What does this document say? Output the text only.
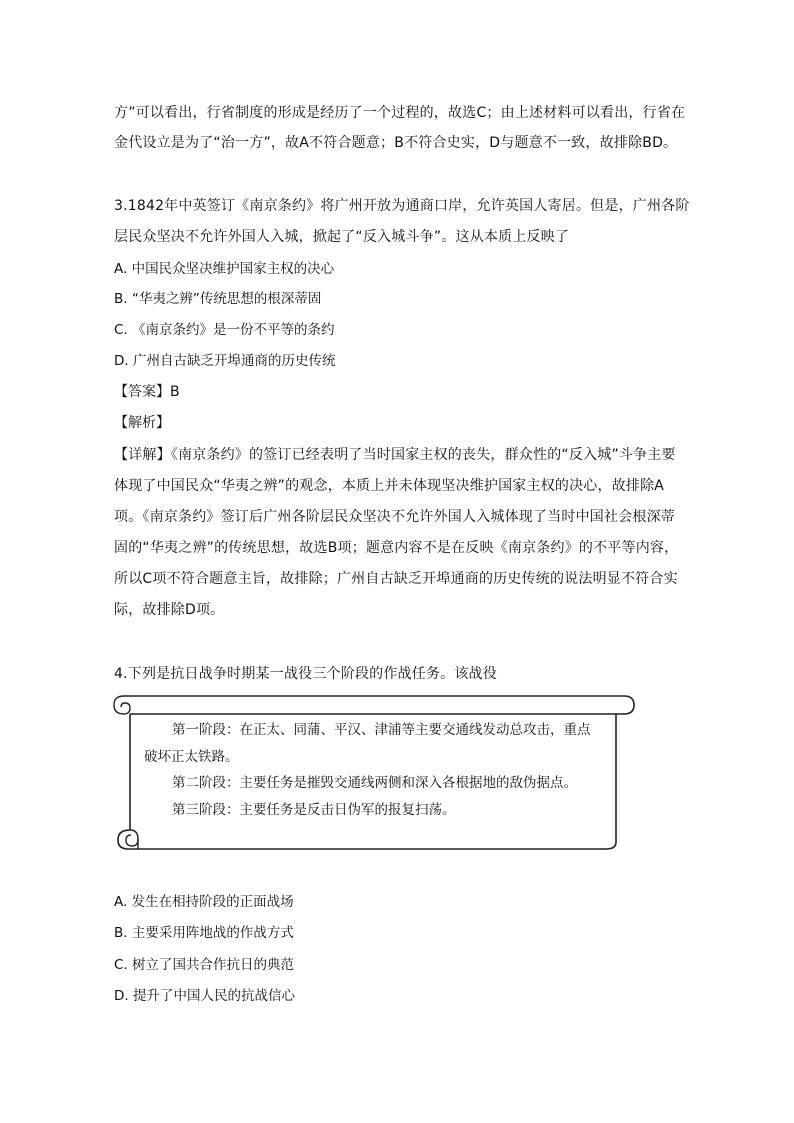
方”可以看出，行省制度的形成是经历了一个过程的，故选C；由上述材料可以看出，行省在
金代设立是为了“治一方”，故A不符合题意；B不符合史实，D与题意不一致，故排除BD。
3.1842年中英签订《南京条约》将广州开放为通商口岸，允许英国人寄居。但是，广州各阶
层民众坚决不允许外国人入城，掀起了“反入城斗争”。这从本质上反映了
A. 中国民众坚决维护国家主权的决心
B. “华夷之辨”传统思想的根深蒂固
C. 《南京条约》是一份不平等的条约
D. 广州自古缺乏开埠通商的历史传统
【答案】B
【解析】
【详解】《南京条约》的签订已经表明了当时国家主权的丧失，群众性的“反入城”斗争主要
体现了中国民众“华夷之辨”的观念，本质上并未体现坚决维护国家主权的决心，故排除A
项。《南京条约》签订后广州各阶层民众坚决不允许外国人入城体现了当时中国社会根深蒂
固的“华夷之辨”的传统思想，故选B项；题意内容不是在反映《南京条约》的不平等内容，
所以C项不符合题意主旨，故排除；广州自古缺乏开埠通商的历史传统的说法明显不符合实
际，故排除D项。
4.下列是抗日战争时期某一战役三个阶段的作战任务。该战役
第一阶段：在正太、同蒲、平汉、津浦等主要交通线发动总攻击，重点
破坏正太铁路。
第二阶段：主要任务是摧毁交通线两侧和深入各根据地的敌伪据点。
第三阶段：主要任务是反击日伪军的报复扫荡。
A. 发生在相持阶段的正面战场
B. 主要采用阵地战的作战方式
C. 树立了国共合作抗日的典范
D. 提升了中国人民的抗战信心
